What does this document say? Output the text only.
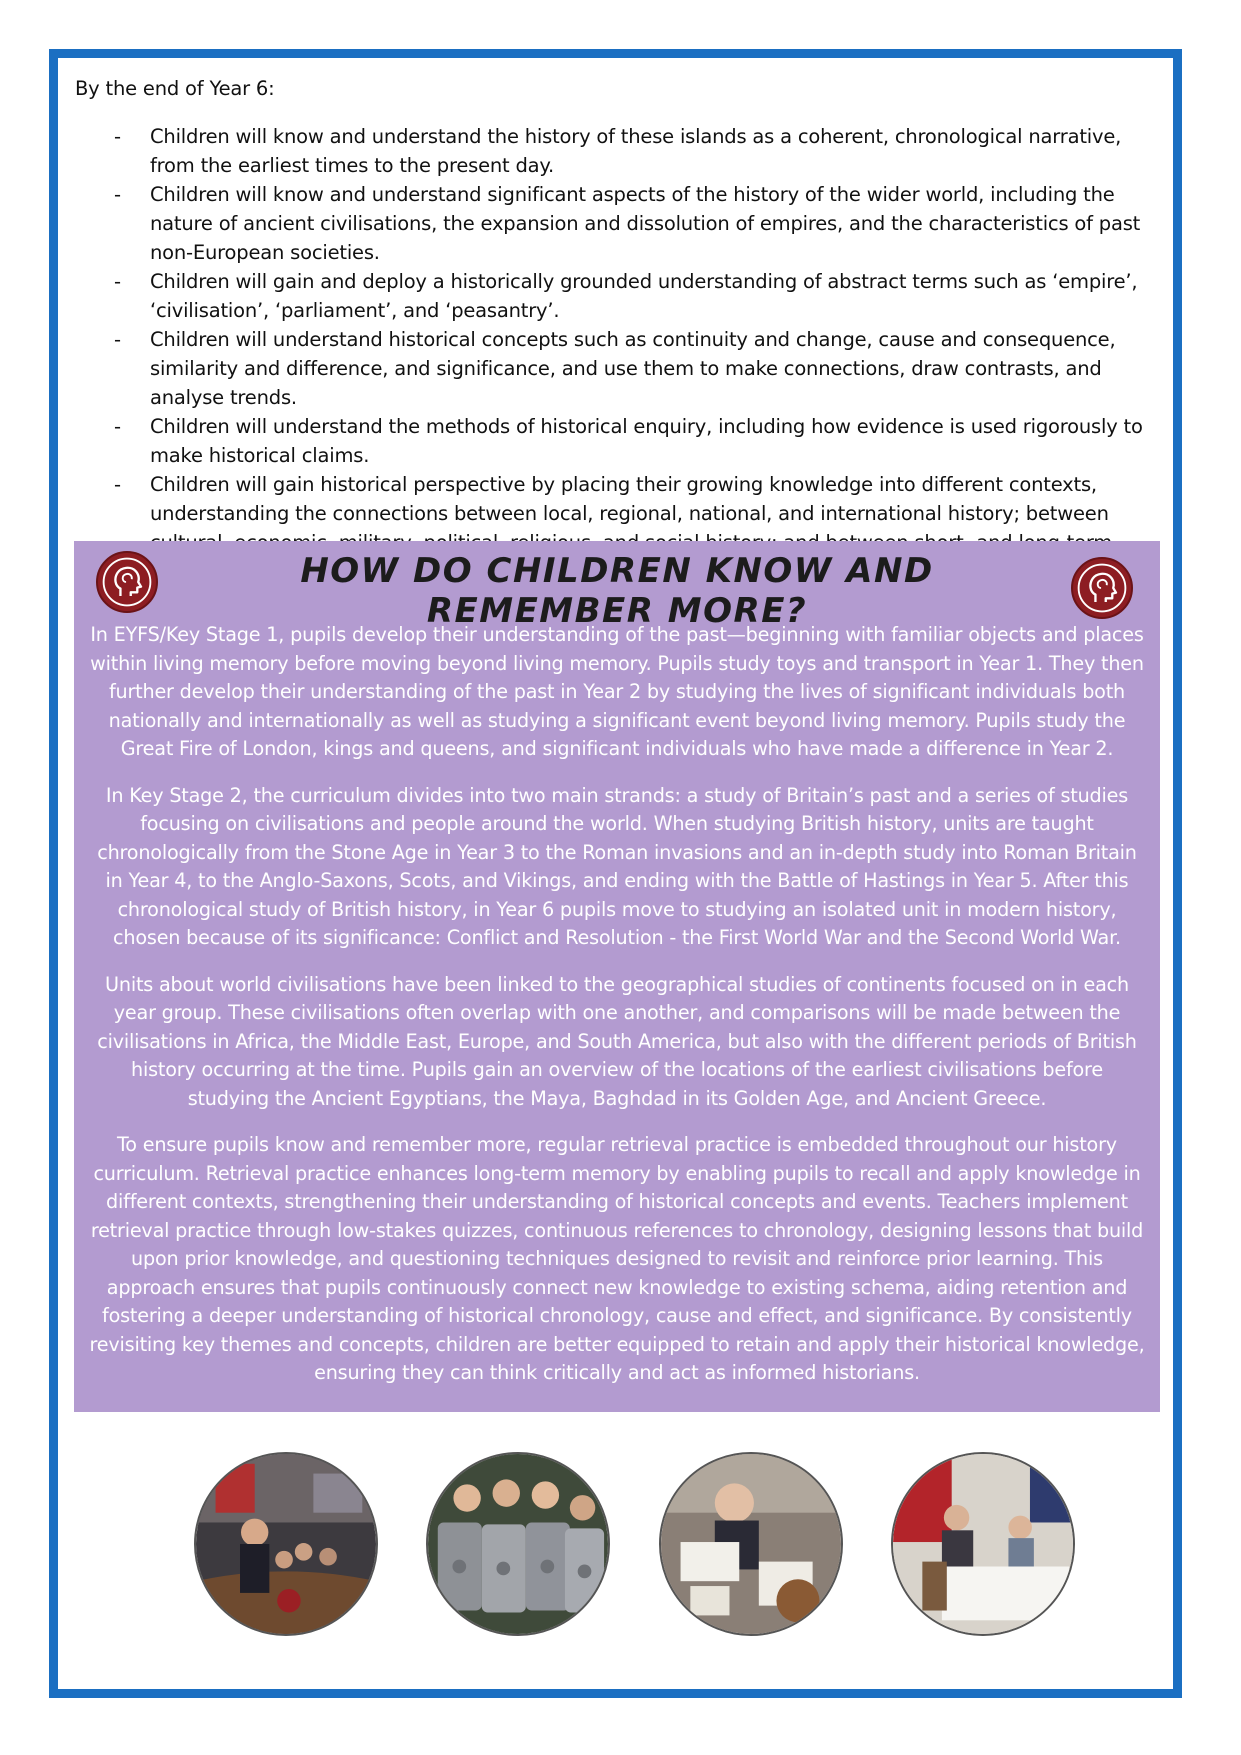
By the end of Year 6:

- Children will know and understand the history of these islands as a coherent, chronological narrative, from the earliest times to the present day.
- Children will know and understand significant aspects of the history of the wider world, including the nature of ancient civilisations, the expansion and dissolution of empires, and the characteristics of past non-European societies.
- Children will gain and deploy a historically grounded understanding of abstract terms such as ‘empire’, ‘civilisation’, ‘parliament’, and ‘peasantry’.
- Children will understand historical concepts such as continuity and change, cause and consequence, similarity and difference, and significance, and use them to make connections, draw contrasts, and analyse trends.
- Children will understand the methods of historical enquiry, including how evidence is used rigorously to make historical claims.
- Children will gain historical perspective by placing their growing knowledge into different contexts, understanding the connections between local, regional, national, and international history; between
HOW DO CHILDREN KNOW AND REMEMBER MORE?

In EYFS/Key Stage 1, pupils develop their understanding of the past—beginning with familiar objects and places within living memory before moving beyond living memory. Pupils study toys and transport in Year 1. They then further develop their understanding of the past in Year 2 by studying the lives of significant individuals both nationally and internationally as well as studying a significant event beyond living memory. Pupils study the Great Fire of London, kings and queens, and significant individuals who have made a difference in Year 2.

In Key Stage 2, the curriculum divides into two main strands: a study of Britain’s past and a series of studies focusing on civilisations and people around the world. When studying British history, units are taught chronologically from the Stone Age in Year 3 to the Roman invasions and an in-depth study into Roman Britain in Year 4, to the Anglo-Saxons, Scots, and Vikings, and ending with the Battle of Hastings in Year 5. After this chronological study of British history, in Year 6 pupils move to studying an isolated unit in modern history, chosen because of its significance: Conflict and Resolution - the First World War and the Second World War.

Units about world civilisations have been linked to the geographical studies of continents focused on in each year group. These civilisations often overlap with one another, and comparisons will be made between the civilisations in Africa, the Middle East, Europe, and South America, but also with the different periods of British history occurring at the time. Pupils gain an overview of the locations of the earliest civilisations before studying the Ancient Egyptians, the Maya, Baghdad in its Golden Age, and Ancient Greece.

To ensure pupils know and remember more, regular retrieval practice is embedded throughout our history curriculum. Retrieval practice enhances long-term memory by enabling pupils to recall and apply knowledge in different contexts, strengthening their understanding of historical concepts and events. Teachers implement retrieval practice through low-stakes quizzes, continuous references to chronology, designing lessons that build upon prior knowledge, and questioning techniques designed to revisit and reinforce prior learning. This approach ensures that pupils continuously connect new knowledge to existing schema, aiding retention and fostering a deeper understanding of historical chronology, cause and effect, and significance. By consistently revisiting key themes and concepts, children are better equipped to retain and apply their historical knowledge, ensuring they can think critically and act as informed historians.
